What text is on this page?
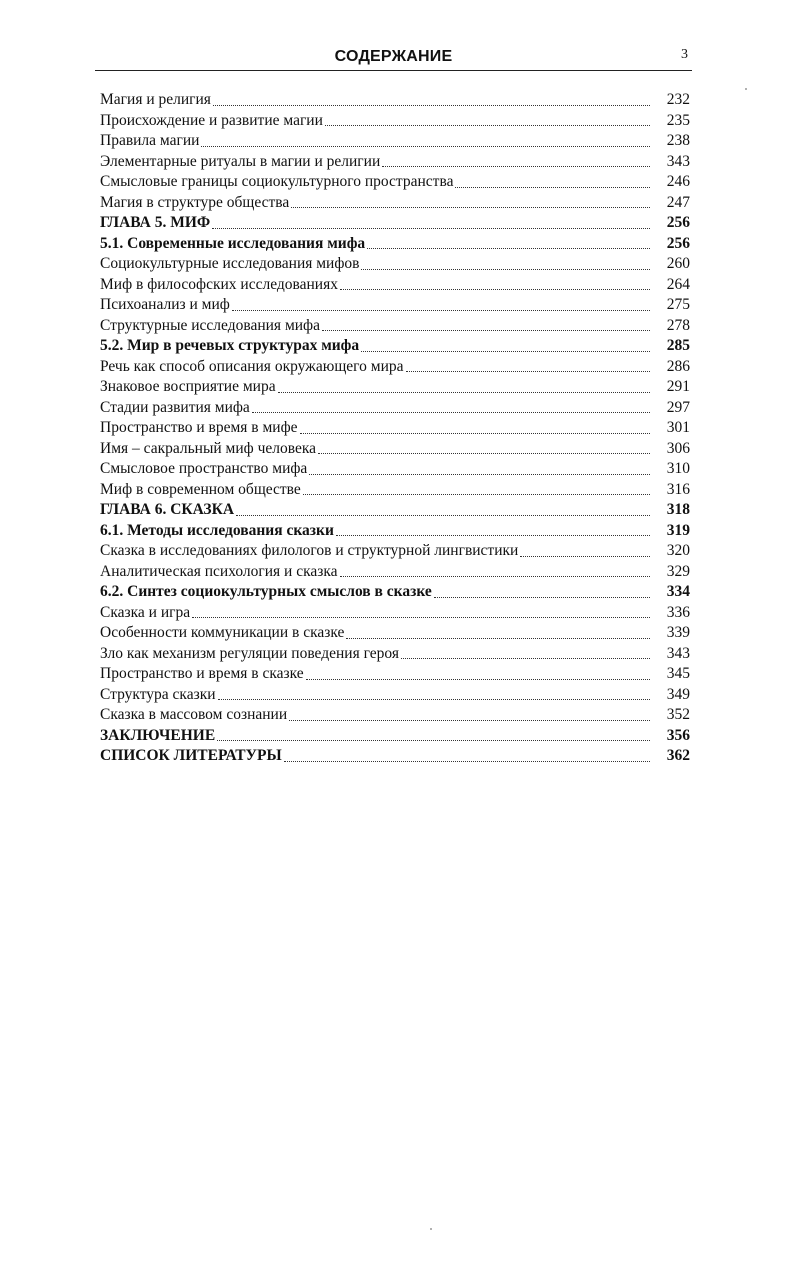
СОДЕРЖАНИЕ	3
Магия и религия	232
Происхождение и развитие магии	235
Правила магии	238
Элементарные ритуалы в магии и религии	343
Смысловые границы социокультурного пространства	246
Магия в структуре общества	247
ГЛАВА 5. МИФ	256
5.1. Современные исследования мифа	256
Социокультурные исследования мифов	260
Миф в философских исследованиях	264
Психоанализ и миф	275
Структурные исследования мифа	278
5.2. Мир в речевых структурах мифа	285
Речь как способ описания окружающего мира	286
Знаковое восприятие мира	291
Стадии развития мифа	297
Пространство и время в мифе	301
Имя – сакральный миф человека	306
Смысловое пространство мифа	310
Миф в современном обществе	316
ГЛАВА 6. СКАЗКА	318
6.1. Методы исследования сказки	319
Сказка в исследованиях филологов и структурной лингвистики	320
Аналитическая психология и сказка	329
6.2. Синтез социокультурных смыслов в сказке	334
Сказка и игра	336
Особенности коммуникации в сказке	339
Зло как механизм регуляции поведения героя	343
Пространство и время в сказке	345
Структура сказки	349
Сказка в массовом сознании	352
ЗАКЛЮЧЕНИЕ	356
СПИСОК ЛИТЕРАТУРЫ	362
